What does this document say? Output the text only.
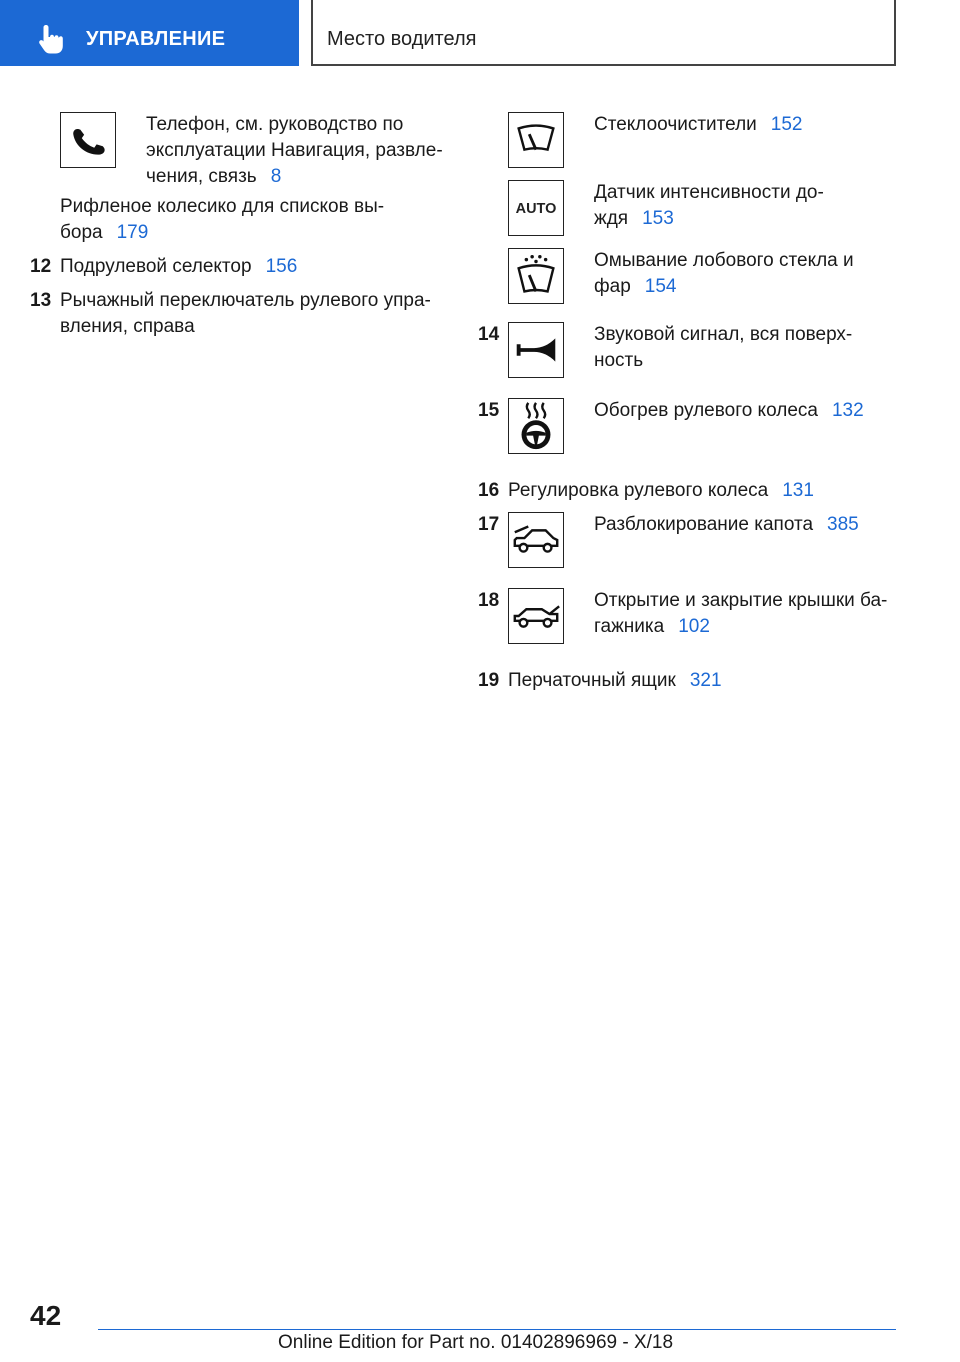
УПРАВЛЕНИЕ	Место водителя
Телефон, см. руководство по
эксплуатации Навигация, развле-
чения, связь 8
Рифленое колесико для списков вы-
бора 179
12 Подрулевой селектор 156
13 Рычажный переключатель рулевого упра-
вления, справа
Стеклоочистители 152
AUTO
Датчик интенсивности до-
ждя 153
Омывание лобового стекла и
фар 154
14	Звуковой сигнал, вся поверх-
ность
15	Обогрев рулевого колеса 132
16 Регулировка рулевого колеса 131
17	Разблокирование капота 385
18	Открытие и закрытие крышки ба-
гажника 102
19 Перчаточный ящик 321
42
Online Edition for Part no. 01402896969 - X/18
